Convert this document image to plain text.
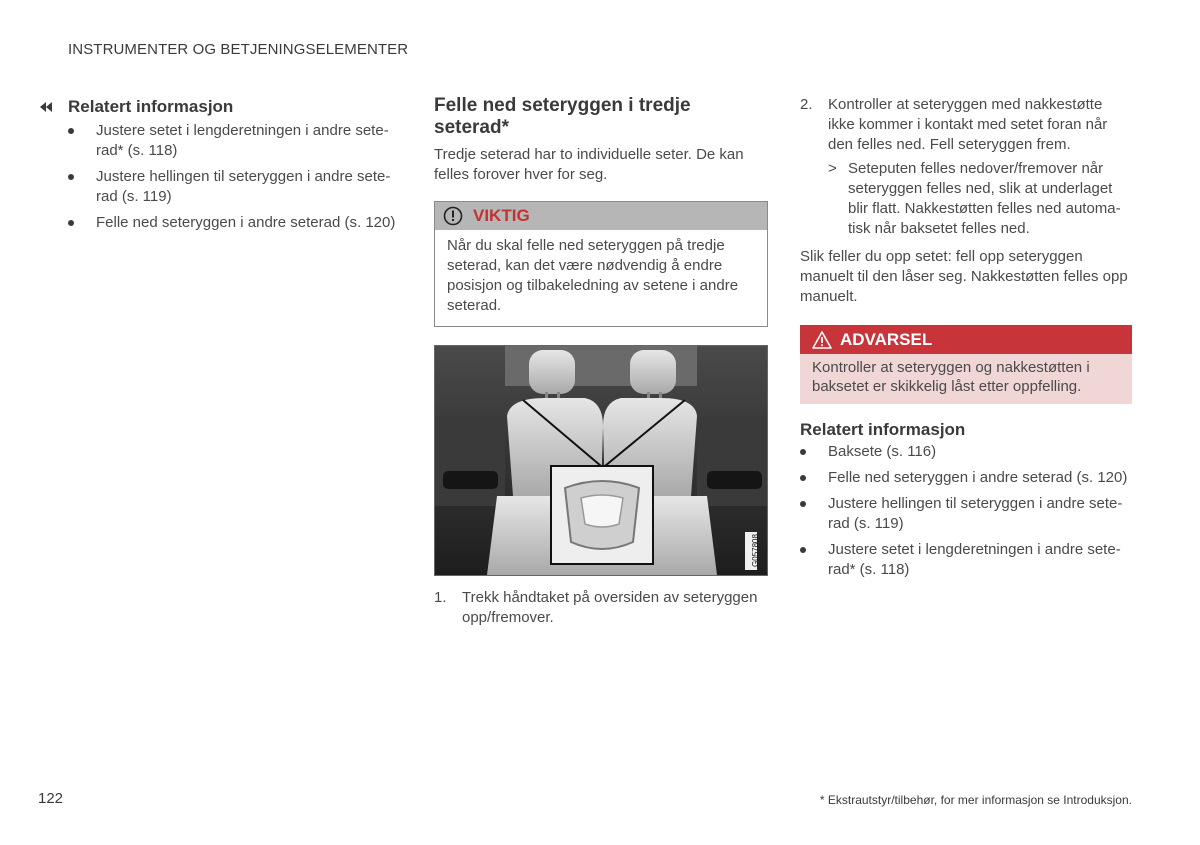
INSTRUMENTER OG BETJENINGSELEMENTER
Relatert informasjon
Justere setet i lengderetningen i andre sete- rad* (s. 118)
Justere hellingen til seteryggen i andre sete- rad (s. 119)
Felle ned seteryggen i andre seterad (s. 120)
Felle ned seteryggen i tredje seterad*

Tredje seterad har to individuelle seter. De kan felles forover hver for seg.

VIKTIG
Når du skal felle ned seteryggen på tredje seterad, kan det være nødvendig å endre posisjon og tilbakeledning av setene i andre seterad.
G057808
1. Trekk håndtaket på oversiden av seteryggen opp/fremover.
2. Kontroller at seteryggen med nakkestøtte ikke kommer i kontakt med setet foran når den felles ned. Fell seteryggen frem.
> Seteputen felles nedover/fremover når seteryggen felles ned, slik at underlaget blir flatt. Nakkestøtten felles ned automa- tisk når baksetet felles ned.

Slik feller du opp setet: fell opp seteryggen manuelt til den låser seg. Nakkestøtten felles opp manuelt.

ADVARSEL
Kontroller at seteryggen og nakkestøtten i baksetet er skikkelig låst etter oppfelling.
Relatert informasjon
Baksete (s. 116)
Felle ned seteryggen i andre seterad (s. 120)
Justere hellingen til seteryggen i andre sete- rad (s. 119)
Justere setet i lengderetningen i andre sete- rad* (s. 118)
122	* Ekstrautstyr/tilbehør, for mer informasjon se Introduksjon.
